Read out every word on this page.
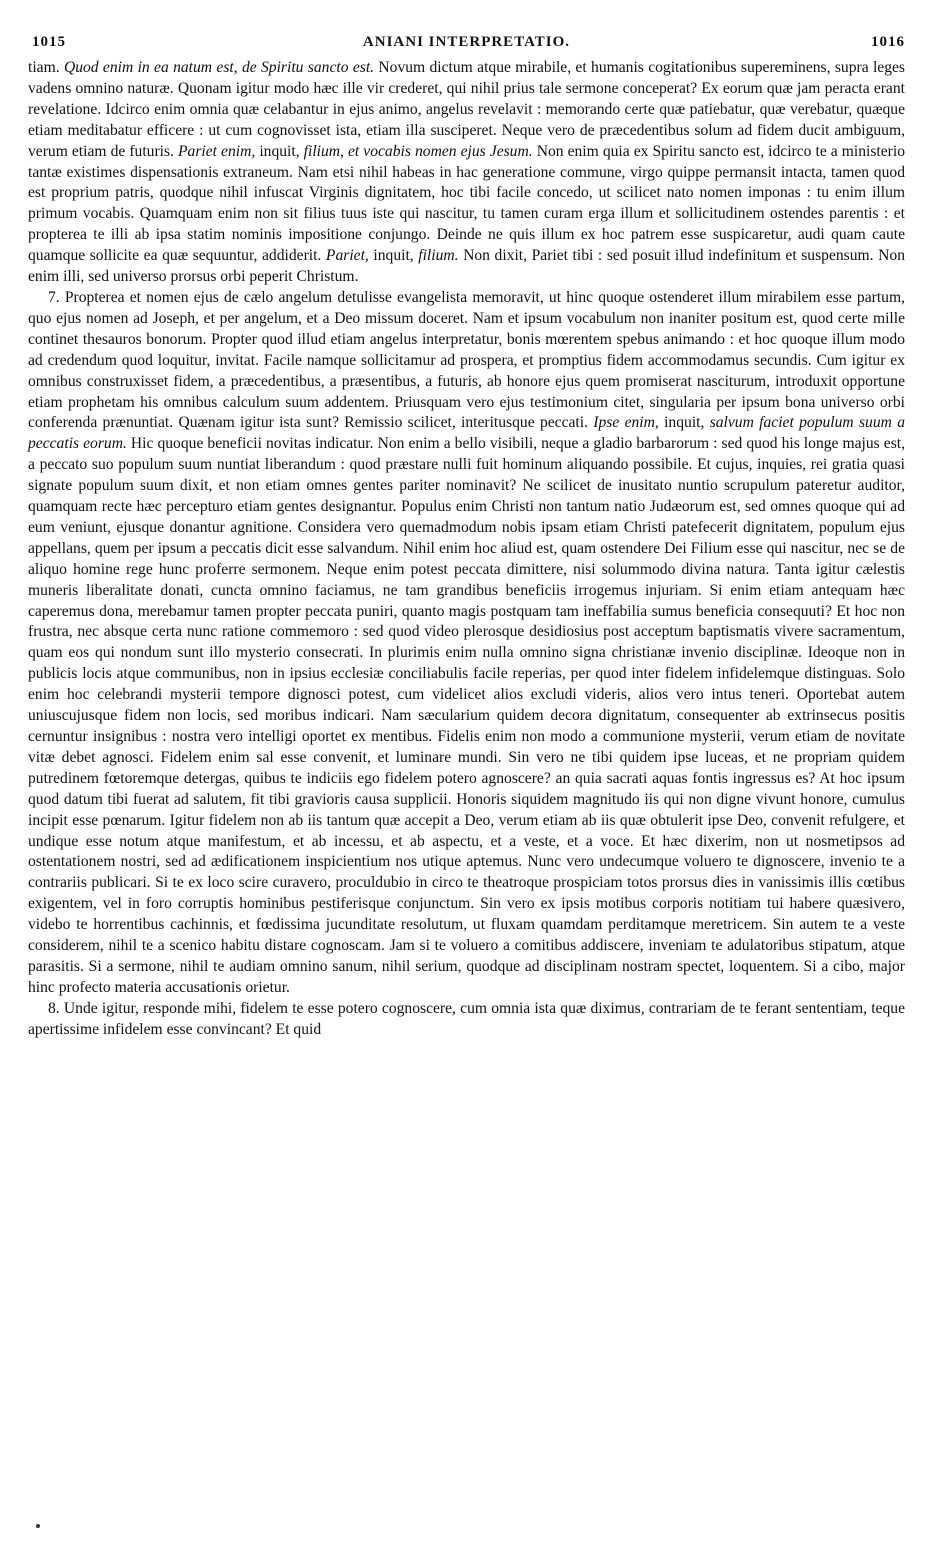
1015	ANIANI INTERPRETATIO.	1016

tiam. Quod enim in ea natum est, de Spiritu sancto est. Novum dictum atque mirabile, et humanis cogitationibus supereminens, supra leges vadens omnino naturæ. Quonam igitur modo hæc ille vir crederet, qui nihil prius tale sermone conceperat? Ex eorum quæ jam peracta erant revelatione. Idcirco enim omnia quæ celabantur in ejus animo, angelus revelavit : memorando certe quæ patiebatur, quæ verebatur, quæque etiam meditabatur efficere : ut cum cognovisset ista, etiam illa susciperet. Neque vero de præcedentibus solum ad fidem ducit ambiguum, verum etiam de futuris. Pariet enim, inquit, filium, et vocabis nomen ejus Jesum. Non enim quia ex Spiritu sancto est, idcirco te a ministerio tantæ existimes dispensationis extraneum. Nam etsi nihil habeas in hac generatione commune, virgo quippe permansit intacta, tamen quod est proprium patris, quodque nihil infuscat Virginis dignitatem, hoc tibi facile concedo, ut scilicet nato nomen imponas : tu enim illum primum vocabis. Quamquam enim non sit filius tuus iste qui nascitur, tu tamen curam erga illum et sollicitudinem ostendes parentis : et propterea te illi ab ipsa statim nominis impositione conjungo. Deinde ne quis illum ex hoc patrem esse suspicaretur, audi quam caute quamque sollicite ea quæ sequuntur, addiderit. Pariet, inquit, filium. Non dixit, Pariet tibi : sed posuit illud indefinitum et suspensum. Non enim illi, sed universo prorsus orbi peperit Christum.

7. Propterea et nomen ejus de cælo angelum detulisse evangelista memoravit, ut hinc quoque ostenderet illum mirabilem esse partum, quo ejus nomen ad Joseph, et per angelum, et a Deo missum doceret. Nam et ipsum vocabulum non inaniter positum est, quod certe mille continet thesauros bonorum. Propter quod illud etiam angelus interpretatur, bonis mœrentem spebus animando : et hoc quoque illum modo ad credendum quod loquitur, invitat. Facile namque sollicitamur ad prospera, et promptius fidem accommodamus secundis. Cum igitur ex omnibus construxisset fidem, a præcedentibus, a præsentibus, a futuris, ab honore ejus quem promiserat nasciturum, introduxit opportune etiam prophetam his omnibus calculum suum addentem. Priusquam vero ejus testimonium citet, singularia per ipsum bona universo orbi conferenda prænuntiat. Quænam igitur ista sunt? Remissio scilicet, interitusque peccati. Ipse enim, inquit, salvum faciet populum suum a peccatis eorum. Hic quoque beneficii novitas indicatur. Non enim a bello visibili, neque a gladio barbarorum : sed quod his longe majus est, a peccato suo populum suum nuntiat liberandum : quod præstare nulli fuit hominum aliquando possibile. Et cujus, inquies, rei gratia quasi signate populum suum dixit, et non etiam omnes gentes pariter nominavit? Ne scilicet de inusitato nuntio scrupulum pateretur auditor, quamquam recte hæc percepturo etiam gentes designantur. Populus enim Christi non tantum natio Judæorum est, sed omnes quoque qui ad eum veniunt, ejusque donantur agnitione. Considera vero quemadmodum nobis ipsam etiam Christi patefecerit dignitatem, populum ejus appellans, quem per ipsum a peccatis dicit esse salvandum. Nihil enim hoc aliud est, quam ostendere Dei Filium esse qui nascitur, nec se de aliquo homine rege hunc proferre sermonem. Neque enim potest peccata dimittere, nisi solummodo divina natura. Tanta igitur cælestis muneris liberalitate donati, cuncta omnino faciamus, ne tam grandibus beneficiis irrogemus injuriam. Si enim etiam antequam hæc caperemus dona, merebamur tamen propter peccata puniri, quanto magis postquam tam ineffabilia sumus beneficia consequuti? Et hoc non frustra, nec absque certa nunc ratione commemoro : sed quod video plerosque desidiosius post acceptum baptismatis vivere sacramentum, quam eos qui nondum sunt illo mysterio consecrati. In plurimis enim nulla omnino signa christianæ invenio disciplinæ. Ideoque non in publicis locis atque communibus, non in ipsius ecclesiæ conciliabulis facile reperias, per quod inter fidelem infidelemque distinguas. Solo enim hoc celebrandi mysterii tempore dignosci potest, cum videlicet alios excludi videris, alios vero intus teneri. Oportebat autem uniuscujusque fidem non locis, sed moribus indicari. Nam sæcularium quidem decora dignitatum, consequenter ab extrinsecus positis cernuntur insignibus : nostra vero intelligi oportet ex mentibus. Fidelis enim non modo a communione mysterii, verum etiam de novitate vitæ debet agnosci. Fidelem enim sal esse convenit, et luminare mundi. Sin vero ne tibi quidem ipse luceas, et ne propriam quidem putredinem fœtoremque detergas, quibus te indiciis ego fidelem potero agnoscere? an quia sacrati aquas fontis ingressus es? At hoc ipsum quod datum tibi fuerat ad salutem, fit tibi gravioris causa supplicii. Honoris siquidem magnitudo iis qui non digne vivunt honore, cumulus incipit esse pœnarum. Igitur fidelem non ab iis tantum quæ accepit a Deo, verum etiam ab iis quæ obtulerit ipse Deo, convenit refulgere, et undique esse notum atque manifestum, et ab incessu, et ab aspectu, et a veste, et a voce. Et hæc dixerim, non ut nosmetipsos ad ostentationem nostri, sed ad ædificationem inspicientium nos utique aptemus. Nunc vero undecumque voluero te dignoscere, invenio te a contrariis publicari. Si te ex loco scire curavero, proculdubio in circo te theatroque prospiciam totos prorsus dies in vanissimis illis cœtibus exigentem, vel in foro corruptis hominibus pestiferisque conjunctum. Sin vero ex ipsis motibus corporis notitiam tui habere quæsivero, videbo te horrentibus cachinnis, et fœdissima jucunditate resolutum, ut fluxam quamdam perditamque meretricem. Sin autem te a veste considerem, nihil te a scenico habitu distare cognoscam. Jam si te voluero a comitibus addiscere, inveniam te adulatoribus stipatum, atque parasitis. Si a sermone, nihil te audiam omnino sanum, nihil serium, quodque ad disciplinam nostram spectet, loquentem. Si a cibo, major hinc profecto materia accusationis orietur.

8. Unde igitur, responde mihi, fidelem te esse potero cognoscere, cum omnia ista quæ diximus, contrariam de te ferant sententiam, teque apertissime infidelem esse convincant? Et quid
